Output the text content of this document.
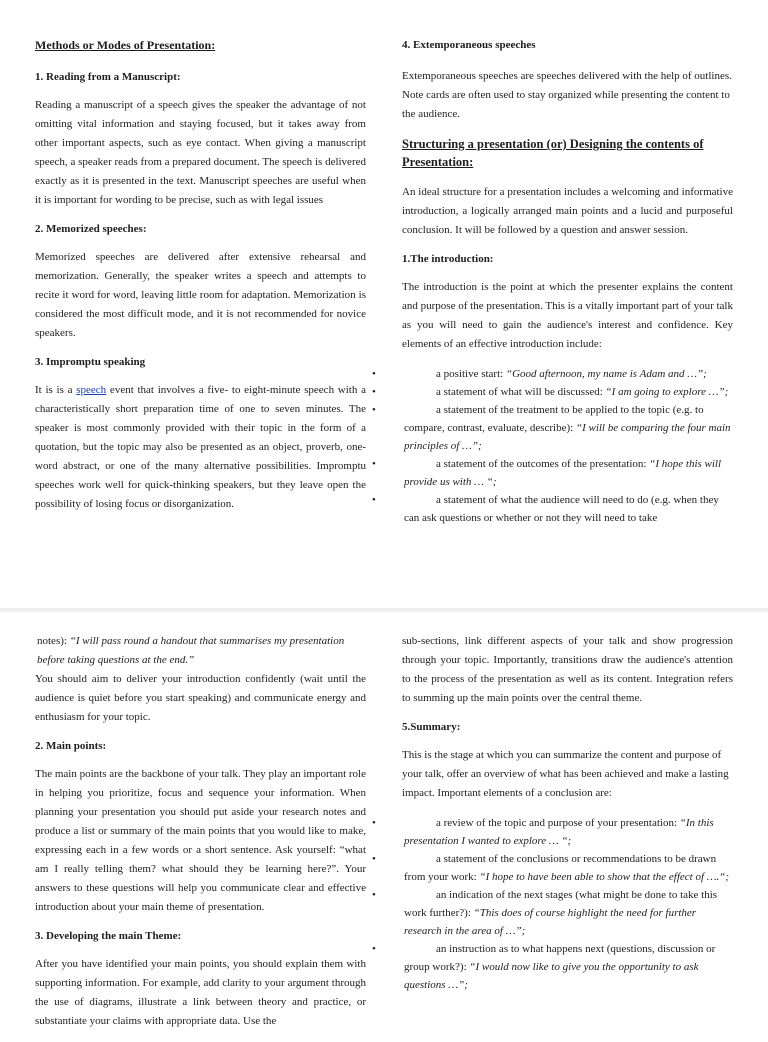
Methods or Modes of Presentation:
1. Reading from a Manuscript:

Reading a manuscript of a speech gives the speaker the advantage of not omitting vital information and staying focused, but it takes away from other important aspects, such as eye contact. When giving a manuscript speech, a speaker reads from a prepared document. The speech is delivered exactly as it is presented in the text. Manuscript speeches are useful when it is important for wording to be precise, such as with legal issues

2. Memorized speeches:

Memorized speeches are delivered after extensive rehearsal and memorization. Generally, the speaker writes a speech and attempts to recite it word for word, leaving little room for adaptation. Memorization is considered the most difficult mode, and it is not recommended for novice speakers.

3. Impromptu speaking

It is is a speech event that involves a five- to eight-minute speech with a characteristically short preparation time of one to seven minutes. The speaker is most commonly provided with their topic in the form of a quotation, but the topic may also be presented as an object, proverb, one-word abstract, or one of the many alternative possibilities. Impromptu speeches work well for quick-thinking speakers, but they leave open the possibility of losing focus or disorganization.

4. Extemporaneous speeches

Extemporaneous speeches are speeches delivered with the help of outlines. Note cards are often used to stay organized while presenting the content to the audience.

Structuring a presentation (or) Designing the contents of Presentation:

An ideal structure for a presentation includes a welcoming and informative introduction, a logically arranged main points and a lucid and purposeful conclusion. It will be followed by a question and answer session.

1.The introduction:

The introduction is the point at which the presenter explains the content and purpose of the presentation. This is a vitally important part of your talk as you will need to gain the audience's interest and confidence. Key elements of an effective introduction include:

•	a positive start: “Good afternoon, my name is Adam and …”;
•	a statement of what will be discussed: “I am going to explore …”;
•	a statement of the treatment to be applied to the topic (e.g. to compare, contrast, evaluate, describe): “I will be comparing the four main principles of …”;
•	a statement of the outcomes of the presentation: “I hope this will provide us with … “;
•	a statement of what the audience will need to do (e.g. when they can ask questions or whether or not they will need to take

notes): “I will pass round a handout that summarises my presentation before taking questions at the end.”

You should aim to deliver your introduction confidently (wait until the audience is quiet before you start speaking) and communicate energy and enthusiasm for your topic.

2. Main points:

The main points are the backbone of your talk. They play an important role in helping you prioritize, focus and sequence your information. When planning your presentation you should put aside your research notes and produce a list or summary of the main points that you would like to make, expressing each in a few words or a short sentence. Ask yourself: “what am I really telling them? what should they be learning here?”. Your answers to these questions will help you communicate clear and effective introduction about your main theme of presentation.

3. Developing the main Theme:

After you have identified your main points, you should explain them with supporting information. For example, add clarity to your argument through the use of diagrams, illustrate a link between theory and practice, or substantiate your claims with appropriate data. Use the

sub-sections, link different aspects of your talk and show progression through your topic. Importantly, transitions draw the audience's attention to the process of the presentation as well as its content. Integration refers to summing up the main points over the central theme.

5.Summary:

This is the stage at which you can summarize the content and purpose of your talk, offer an overview of what has been achieved and make a lasting impact. Important elements of a conclusion are:

•	a review of the topic and purpose of your presentation: “In this presentation I wanted to explore … “;
•	a statement of the conclusions or recommendations to be drawn from your work: “I hope to have been able to show that the effect of ….“;
•	an indication of the next stages (what might be done to take this work further?): “This does of course highlight the need for further research in the area of …”;
•	an instruction as to what happens next (questions, discussion or group work?): “I would now like to give you the opportunity to ask questions …”;
